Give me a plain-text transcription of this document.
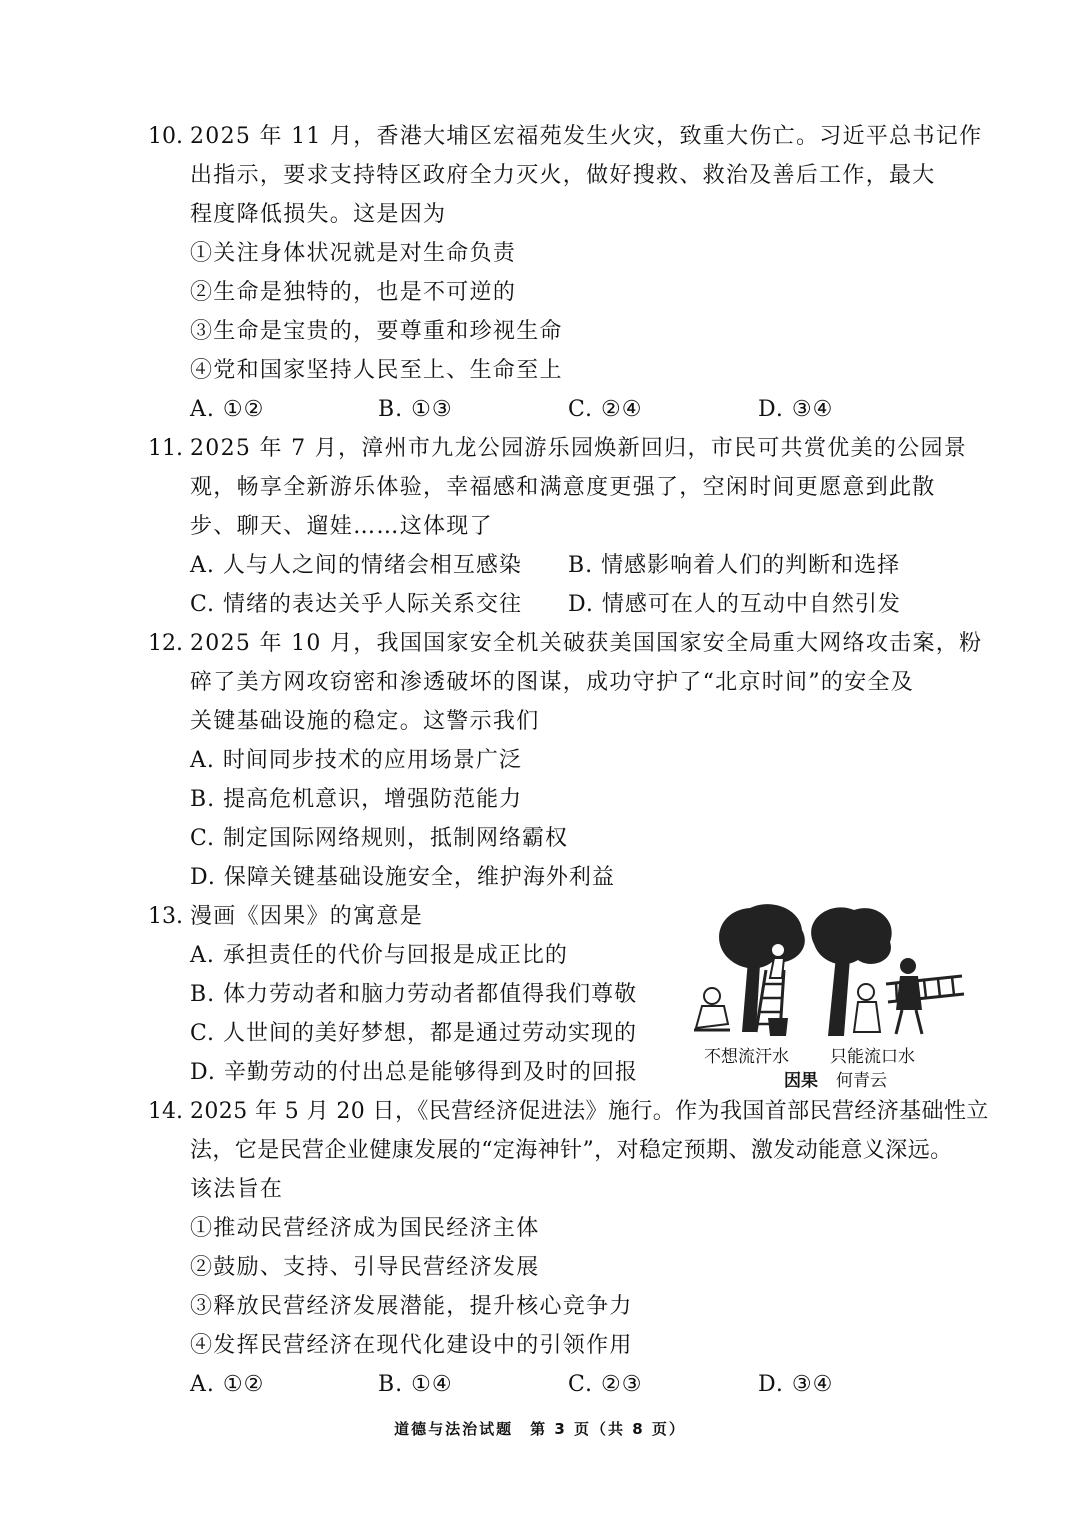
10. 2025 年 11 月，香港大埔区宏福苑发生火灾，致重大伤亡。习近平总书记作
出指示，要求支持特区政府全力灭火，做好搜救、救治及善后工作，最大
程度降低损失。这是因为
①关注身体状况就是对生命负责
②生命是独特的，也是不可逆的
③生命是宝贵的，要尊重和珍视生命
④党和国家坚持人民至上、生命至上
A. ①②	B. ①③	C. ②④	D. ③④
11. 2025 年 7 月，漳州市九龙公园游乐园焕新回归，市民可共赏优美的公园景
观，畅享全新游乐体验，幸福感和满意度更强了，空闲时间更愿意到此散
步、聊天、遛娃……这体现了
A. 人与人之间的情绪会相互感染 B. 情感影响着人们的判断和选择
C. 情绪的表达关乎人际关系交往 D. 情感可在人的互动中自然引发
12. 2025 年 10 月，我国国家安全机关破获美国国家安全局重大网络攻击案，粉
碎了美方网攻窃密和渗透破坏的图谋，成功守护了“北京时间”的安全及
关键基础设施的稳定。这警示我们
A. 时间同步技术的应用场景广泛
B. 提高危机意识，增强防范能力
C. 制定国际网络规则，抵制网络霸权
D. 保障关键基础设施安全，维护海外利益
13. 漫画《因果》的寓意是
A. 承担责任的代价与回报是成正比的
B. 体力劳动者和脑力劳动者都值得我们尊敬
C. 人世间的美好梦想，都是通过劳动实现的
D. 辛勤劳动的付出总是能够得到及时的回报
不想流汗水 只能流口水
因果 何青云
14. 2025 年 5 月 20 日，《民营经济促进法》施行。作为我国首部民营经济基础性立
法，它是民营企业健康发展的“定海神针”，对稳定预期、激发动能意义深远。
该法旨在
①推动民营经济成为国民经济主体
②鼓励、支持、引导民营经济发展
③释放民营经济发展潜能，提升核心竞争力
④发挥民营经济在现代化建设中的引领作用
A. ①②	B. ①④	C. ②③	D. ③④
道德与法治试题　第 3 页（共 8 页）
